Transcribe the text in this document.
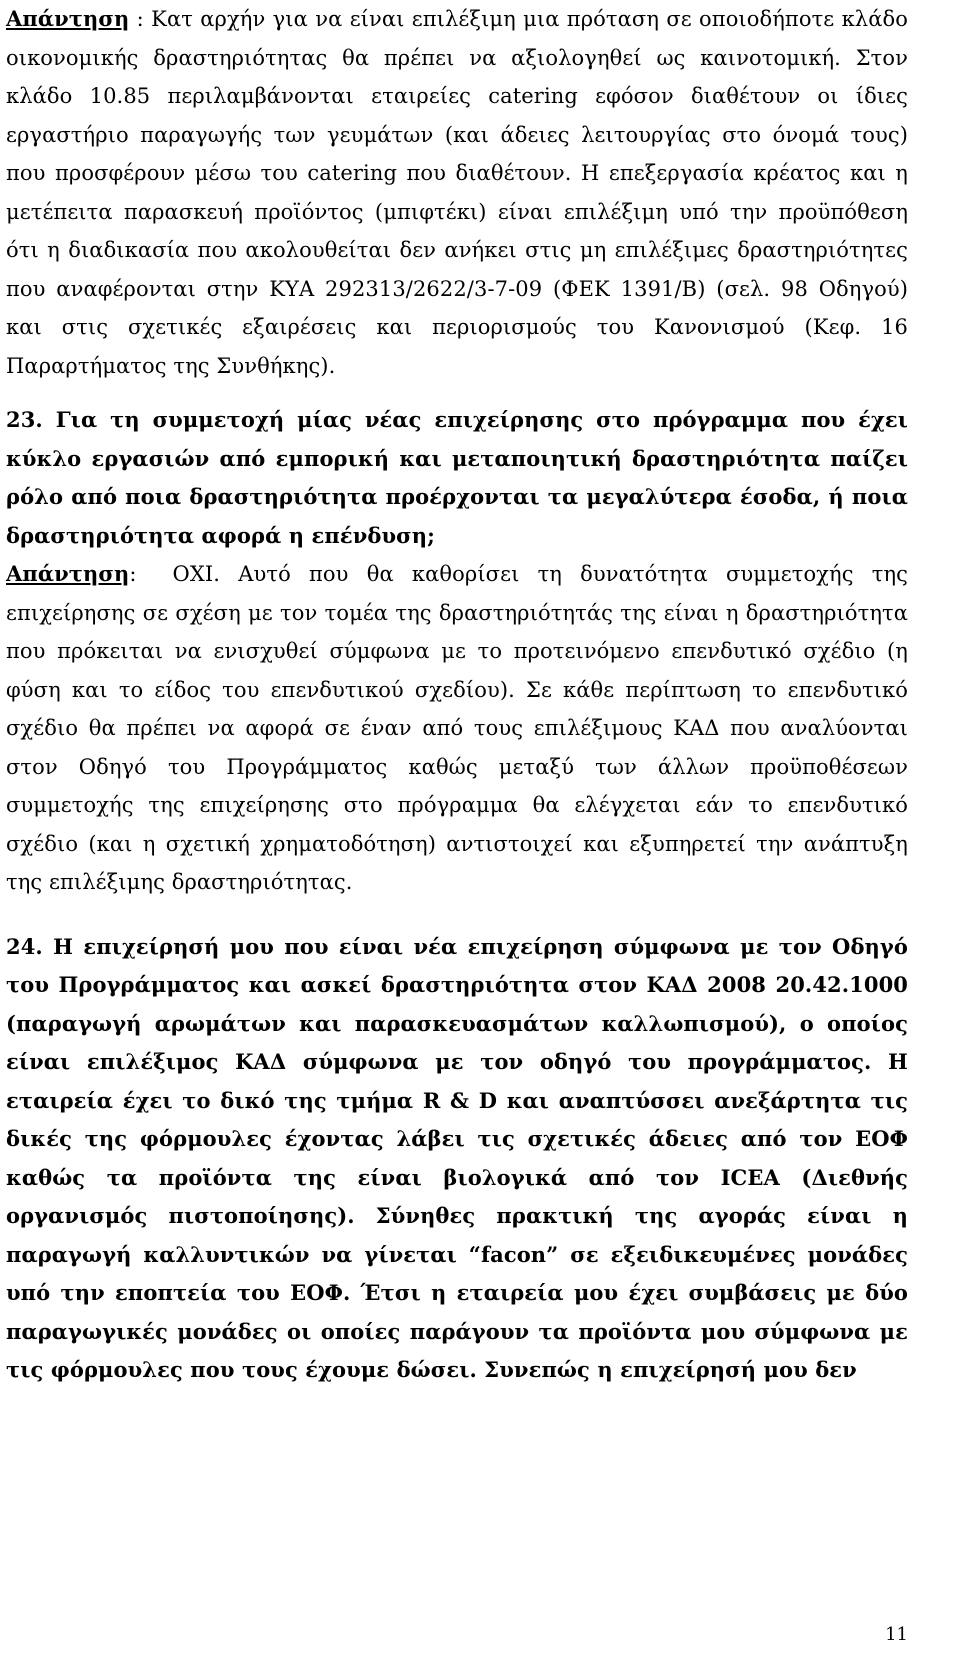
Απάντηση : Κατ αρχήν για να είναι επιλέξιμη μια πρόταση σε οποιοδήποτε κλάδο οικονομικής δραστηριότητας θα πρέπει να αξιολογηθεί ως καινοτομική. Στον κλάδο 10.85 περιλαμβάνονται εταιρείες catering εφόσον διαθέτουν οι ίδιες εργαστήριο παραγωγής των γευμάτων (και άδειες λειτουργίας στο όνομά τους) που προσφέρουν μέσω του catering που διαθέτουν. Η επεξεργασία κρέατος και η μετέπειτα παρασκευή προϊόντος (μπιφτέκι) είναι επιλέξιμη υπό την προϋπόθεση ότι η διαδικασία που ακολουθείται δεν ανήκει στις μη επιλέξιμες δραστηριότητες που αναφέρονται στην ΚΥΑ 292313/2622/3-7-09 (ΦΕΚ 1391/Β) (σελ. 98 Οδηγού) και στις σχετικές εξαιρέσεις και περιορισμούς του Κανονισμού (Κεφ. 16 Παραρτήματος της Συνθήκης).

23. Για τη συμμετοχή μίας νέας επιχείρησης στο πρόγραμμα που έχει κύκλο εργασιών από εμπορική και μεταποιητική δραστηριότητα παίζει ρόλο από ποια δραστηριότητα προέρχονται τα μεγαλύτερα έσοδα, ή ποια δραστηριότητα αφορά η επένδυση;

Απάντηση: ΟΧΙ. Αυτό που θα καθορίσει τη δυνατότητα συμμετοχής της επιχείρησης σε σχέση με τον τομέα της δραστηριότητάς της είναι η δραστηριότητα που πρόκειται να ενισχυθεί σύμφωνα με το προτεινόμενο επενδυτικό σχέδιο (η φύση και το είδος του επενδυτικού σχεδίου). Σε κάθε περίπτωση το επενδυτικό σχέδιο θα πρέπει να αφορά σε έναν από τους επιλέξιμους ΚΑΔ που αναλύονται στον Οδηγό του Προγράμματος καθώς μεταξύ των άλλων προϋποθέσεων συμμετοχής της επιχείρησης στο πρόγραμμα θα ελέγχεται εάν το επενδυτικό σχέδιο (και η σχετική χρηματοδότηση) αντιστοιχεί και εξυπηρετεί την ανάπτυξη της επιλέξιμης δραστηριότητας.

24. Η επιχείρησή μου που είναι νέα επιχείρηση σύμφωνα με τον Οδηγό του Προγράμματος και ασκεί δραστηριότητα στον ΚΑΔ 2008 20.42.1000 (παραγωγή αρωμάτων και παρασκευασμάτων καλλωπισμού), ο οποίος είναι επιλέξιμος ΚΑΔ σύμφωνα με τον οδηγό του προγράμματος. Η εταιρεία έχει το δικό της τμήμα R & D και αναπτύσσει ανεξάρτητα τις δικές της φόρμουλες έχοντας λάβει τις σχετικές άδειες από τον ΕΟΦ καθώς τα προϊόντα της είναι βιολογικά από τον ICEA (Διεθνής οργανισμός πιστοποίησης). Σύνηθες πρακτική της αγοράς είναι η παραγωγή καλλυντικών να γίνεται “facon” σε εξειδικευμένες μονάδες υπό την εποπτεία του ΕΟΦ. Έτσι η εταιρεία μου έχει συμβάσεις με δύο παραγωγικές μονάδες οι οποίες παράγουν τα προϊόντα μου σύμφωνα με τις φόρμουλες που τους έχουμε δώσει. Συνεπώς η επιχείρησή μου δεν

11
